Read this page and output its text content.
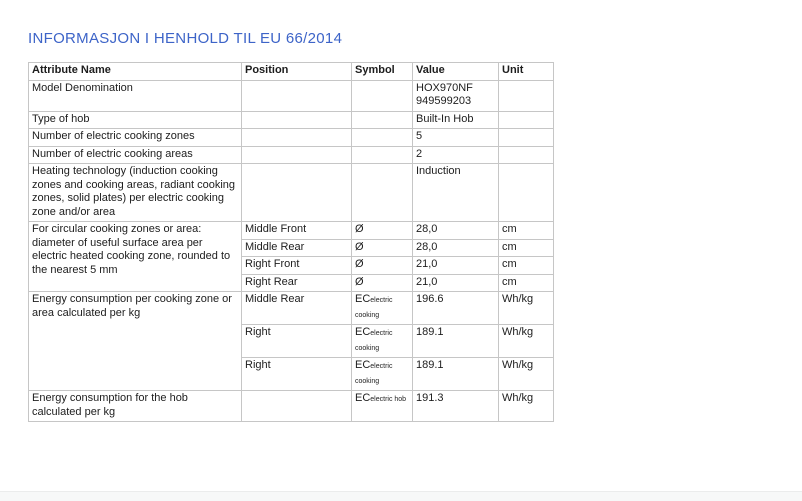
INFORMASJON I HENHOLD TIL EU 66/2014
Attribute Name	Position	Symbol	Value	Unit
Model Denomination			HOX970NF
949599203	

Type of hob			Built-In Hob	

Number of electric cooking zones			5	

Number of electric cooking areas			2	

Heating technology (induction cooking zones and cooking areas, radiant cooking zones, solid plates) per electric cooking zone and/or area			Induction	

For circular cooking zones or area: diameter of useful surface area per electric heated cooking zone, rounded to the nearest 5 mm	Middle Front	Ø	28,0	cm
	Middle Rear	Ø	28,0	cm
	Right Front	Ø	21,0	cm
	Right Rear	Ø	21,0	cm
Energy consumption per cooking zone or area calculated per kg	Middle Rear	ECelectric cooking	196.6	Wh/kg
	Right	ECelectric cooking	189.1	Wh/kg
	Right	ECelectric cooking	189.1	Wh/kg
Energy consumption for the hob calculated per kg		ECelectric hob	191.3	Wh/kg
